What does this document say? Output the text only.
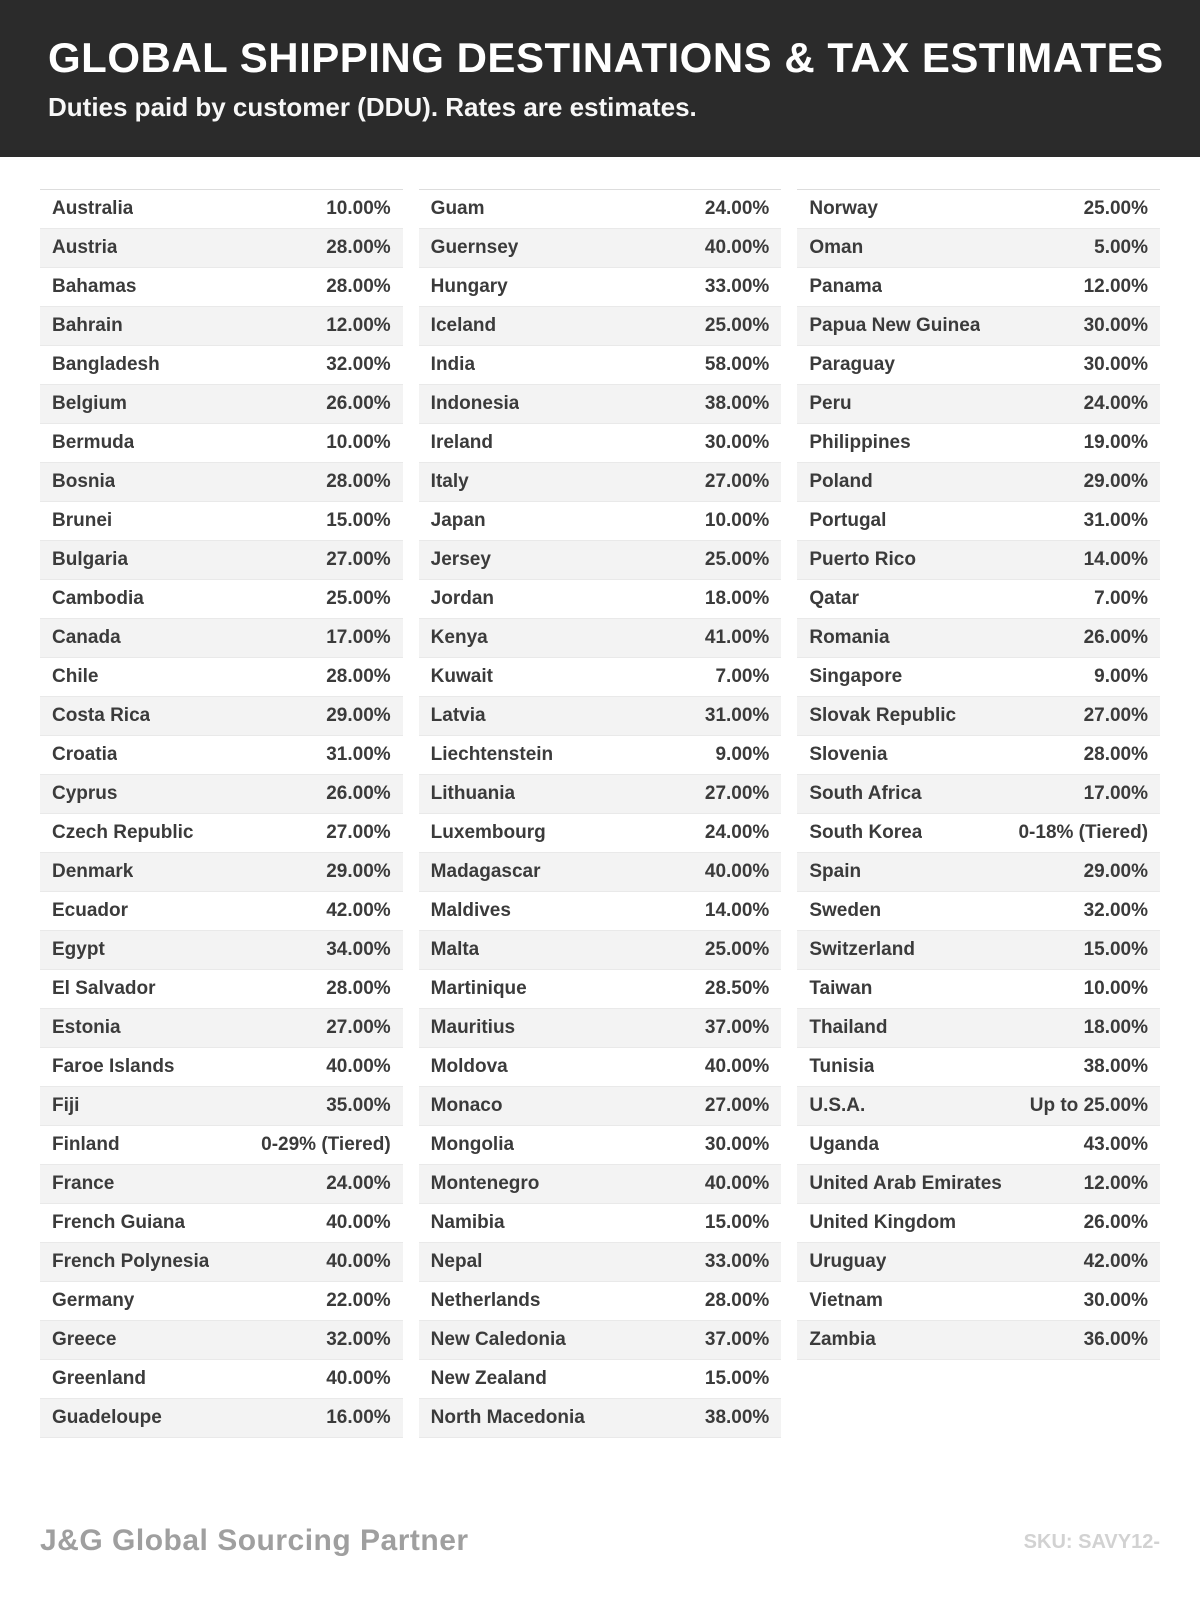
GLOBAL SHIPPING DESTINATIONS & TAX ESTIMATES
Duties paid by customer (DDU). Rates are estimates.
Australia	10.00%
Austria	28.00%
Bahamas	28.00%
Bahrain	12.00%
Bangladesh	32.00%
Belgium	26.00%
Bermuda	10.00%
Bosnia	28.00%
Brunei	15.00%
Bulgaria	27.00%
Cambodia	25.00%
Canada	17.00%
Chile	28.00%
Costa Rica	29.00%
Croatia	31.00%
Cyprus	26.00%
Czech Republic	27.00%
Denmark	29.00%
Ecuador	42.00%
Egypt	34.00%
El Salvador	28.00%
Estonia	27.00%
Faroe Islands	40.00%
Fiji	35.00%
Finland	0-29% (Tiered)
France	24.00%
French Guiana	40.00%
French Polynesia	40.00%
Germany	22.00%
Greece	32.00%
Greenland	40.00%
Guadeloupe	16.00%
Guam	24.00%
Guernsey	40.00%
Hungary	33.00%
Iceland	25.00%
India	58.00%
Indonesia	38.00%
Ireland	30.00%
Italy	27.00%
Japan	10.00%
Jersey	25.00%
Jordan	18.00%
Kenya	41.00%
Kuwait	7.00%
Latvia	31.00%
Liechtenstein	9.00%
Lithuania	27.00%
Luxembourg	24.00%
Madagascar	40.00%
Maldives	14.00%
Malta	25.00%
Martinique	28.50%
Mauritius	37.00%
Moldova	40.00%
Monaco	27.00%
Mongolia	30.00%
Montenegro	40.00%
Namibia	15.00%
Nepal	33.00%
Netherlands	28.00%
New Caledonia	37.00%
New Zealand	15.00%
North Macedonia	38.00%
Norway	25.00%
Oman	5.00%
Panama	12.00%
Papua New Guinea	30.00%
Paraguay	30.00%
Peru	24.00%
Philippines	19.00%
Poland	29.00%
Portugal	31.00%
Puerto Rico	14.00%
Qatar	7.00%
Romania	26.00%
Singapore	9.00%
Slovak Republic	27.00%
Slovenia	28.00%
South Africa	17.00%
South Korea	0-18% (Tiered)
Spain	29.00%
Sweden	32.00%
Switzerland	15.00%
Taiwan	10.00%
Thailand	18.00%
Tunisia	38.00%
U.S.A.	Up to 25.00%
Uganda	43.00%
United Arab Emirates	12.00%
United Kingdom	26.00%
Uruguay	42.00%
Vietnam	30.00%
Zambia	36.00%
J&G Global Sourcing Partner	SKU: SAVY12-
